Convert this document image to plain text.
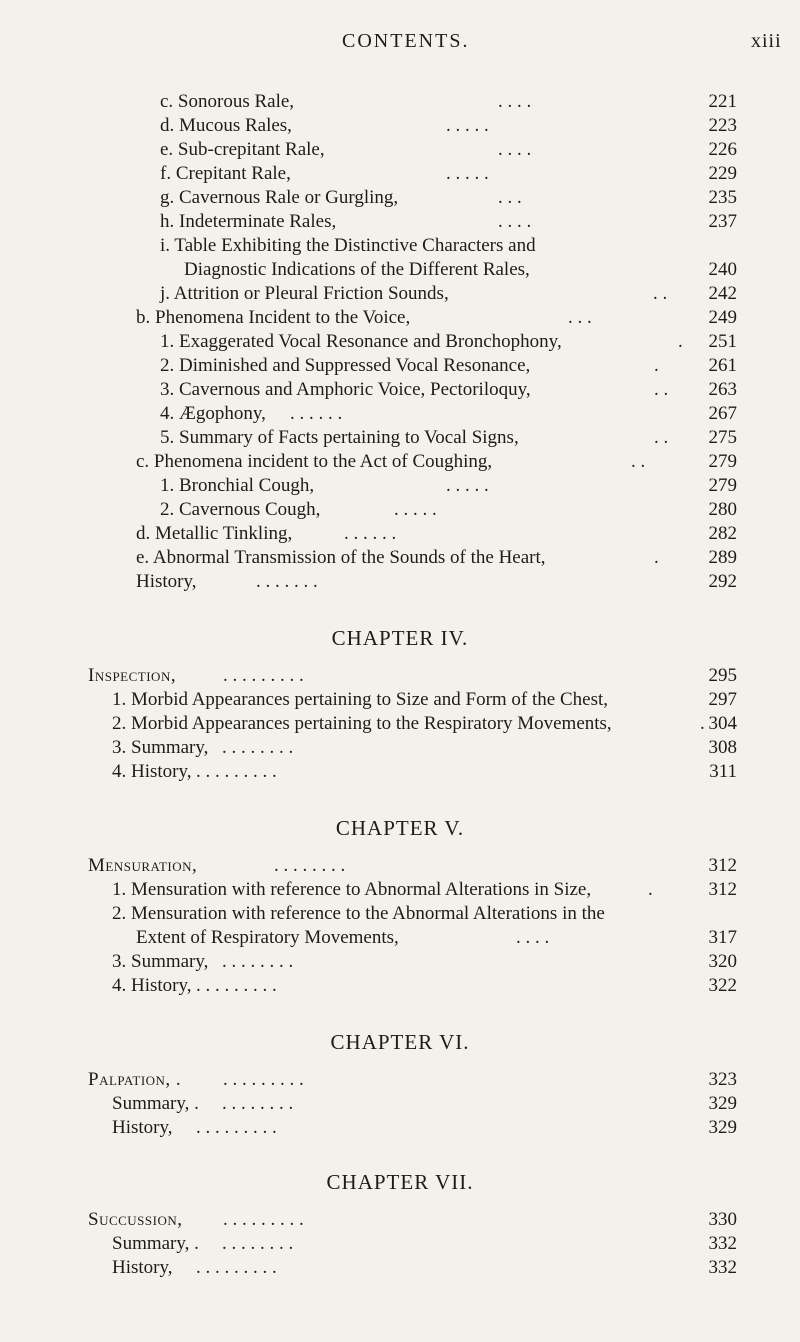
CONTENTS.	xiii
c. Sonorous Rale,	. . . .	221
d. Mucous Rales,	. . . . .	223
e. Sub-crepitant Rale,	. . . .	226
f. Crepitant Rale,	. . . . .	229
g. Cavernous Rale or Gurgling,	. . .	235
h. Indeterminate Rales,	. . . .	237
i. Table Exhibiting the Distinctive Characters and
Diagnostic Indications of the Different Rales,	240
j. Attrition or Pleural Friction Sounds,	. . 242
b. Phenomena Incident to the Voice,	. . .	249
1. Exaggerated Vocal Resonance and Bronchophony,	. 251
2. Diminished and Suppressed Vocal Resonance,	.	261
3. Cavernous and Amphoric Voice, Pectoriloquy,	. . 263
4. Ægophony, . . . . . .	267
5. Summary of Facts pertaining to Vocal Signs,	. . 275
c. Phenomena incident to the Act of Coughing,	. .	279
1. Bronchial Cough,	. . . . .	279
2. Cavernous Cough,	. . . . .	280
d. Metallic Tinkling,	. . . . . .	282
e. Abnormal Transmission of the Sounds of the Heart,	.	289
History,	. . . . . . .	292
CHAPTER IV.
Inspection, . . . . . . . . .	295
1. Morbid Appearances pertaining to Size and Form of the Chest,	297
2. Morbid Appearances pertaining to the Respiratory Movements,	. 304
3. Summary, . . . . . . . .	308
4. History, . . . . . . . . .	311
CHAPTER V.
Mensuration,	. . . . . . . .	312
1. Mensuration with reference to Abnormal Alterations in Size,	.	312
2. Mensuration with reference to the Abnormal Alterations in the
Extent of Respiratory Movements,	. . . .	317
3. Summary, . . . . . . . .	320
4. History, . . . . . . . . .	322
CHAPTER VI.
Palpation, . . . . . . . . . .	323
Summary, . . . . . . . . .	329
History, . . . . . . . . .	329
CHAPTER VII.
Succussion, . . . . . . . . .	330
Summary, . . . . . . . . .	332
History, . . . . . . . . .	332
